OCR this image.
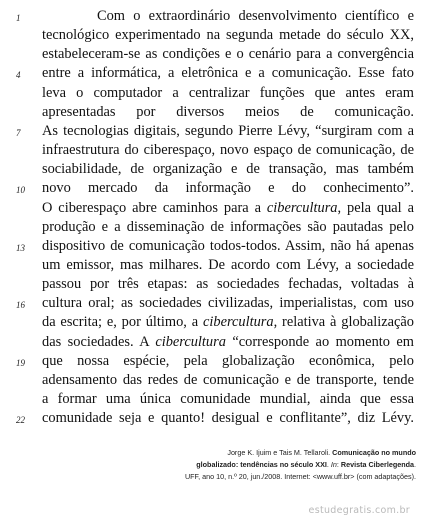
1
4
7
10
13
16
19
22
Com o extraordinário desenvolvimento científico e
tecnológico experimentado na segunda metade do século XX,
estabeleceram-se as condições e o cenário para a convergência
entre a informática, a eletrônica e a comunicação. Esse fato
leva o computador a centralizar funções que antes eram
apresentadas por diversos meios de comunicação.
As tecnologias digitais, segundo Pierre Lévy, “surgiram com a
infraestrutura do ciberespaço, novo espaço de comunicação, de
sociabilidade, de organização e de transação, mas também
novo mercado da informação e do conhecimento”.
O ciberespaço abre caminhos para a cibercultura, pela qual a
produção e a disseminação de informações são pautadas pelo
dispositivo de comunicação todos-todos. Assim, não há apenas
um emissor, mas milhares. De acordo com Lévy, a sociedade
passou por três etapas: as sociedades fechadas, voltadas à
cultura oral; as sociedades civilizadas, imperialistas, com uso
da escrita; e, por último, a cibercultura, relativa à globalização
das sociedades. A cibercultura “corresponde ao momento em
que nossa espécie, pela globalização econômica, pelo
adensamento das redes de comunicação e de transporte, tende
a formar uma única comunidade mundial, ainda que essa
comunidade seja e quanto! desigual e conflitante”, diz Lévy.
Jorge K. Ijuim e Tais M. Tellaroli. Comunicação no mundo
globalizado: tendências no século XXI. In: Revista Ciberlegenda.
UFF, ano 10, n.º 20, jun./2008. Internet: <www.uff.br> (com adaptações).
estudegratis.com.br
